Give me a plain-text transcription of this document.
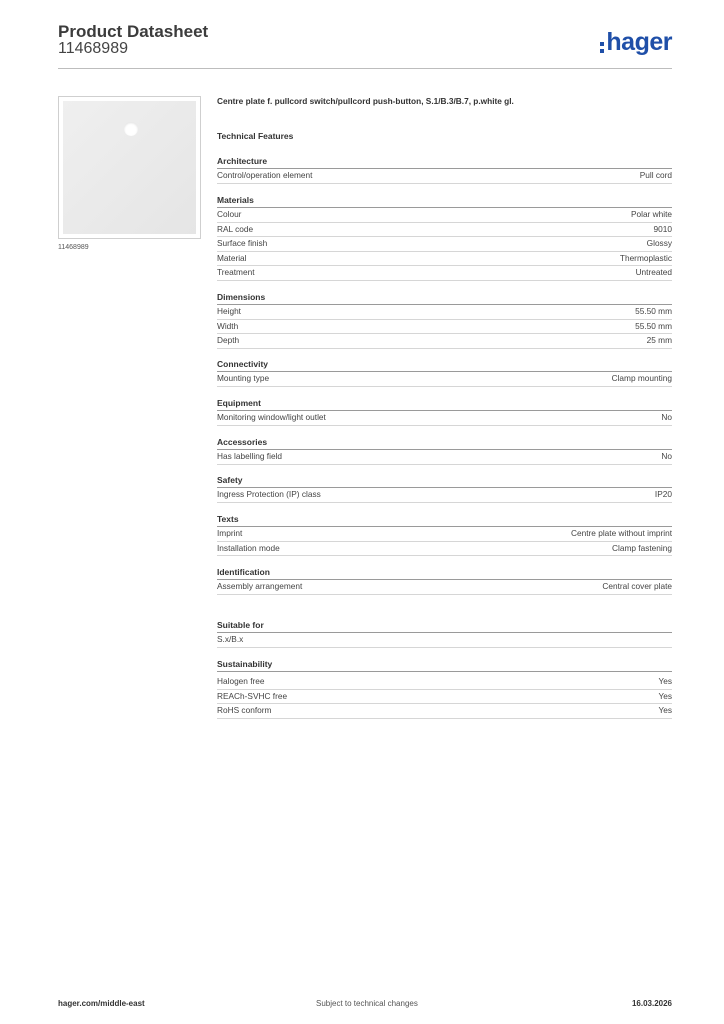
Product Datasheet
11468989	hager
11468989
Centre plate f. pullcord switch/pullcord push-button, S.1/B.3/B.7, p.white gl.
Technical Features
Architecture
Control/operation element	Pull cord
Materials
Colour	Polar white
RAL code	9010
Surface finish	Glossy
Material	Thermoplastic
Treatment	Untreated
Dimensions
Height	55.50 mm
Width	55.50 mm
Depth	25 mm
Connectivity
Mounting type	Clamp mounting
Equipment
Monitoring window/light outlet	No
Accessories
Has labelling field	No
Safety
Ingress Protection (IP) class	IP20
Texts
Imprint	Centre plate without imprint
Installation mode	Clamp fastening
Identification
Assembly arrangement	Central cover plate
Suitable for
S.x/B.x
Sustainability
Halogen free	Yes
REACh-SVHC free	Yes
RoHS conform	Yes
hager.com/middle-east	Subject to technical changes	16.03.2026
